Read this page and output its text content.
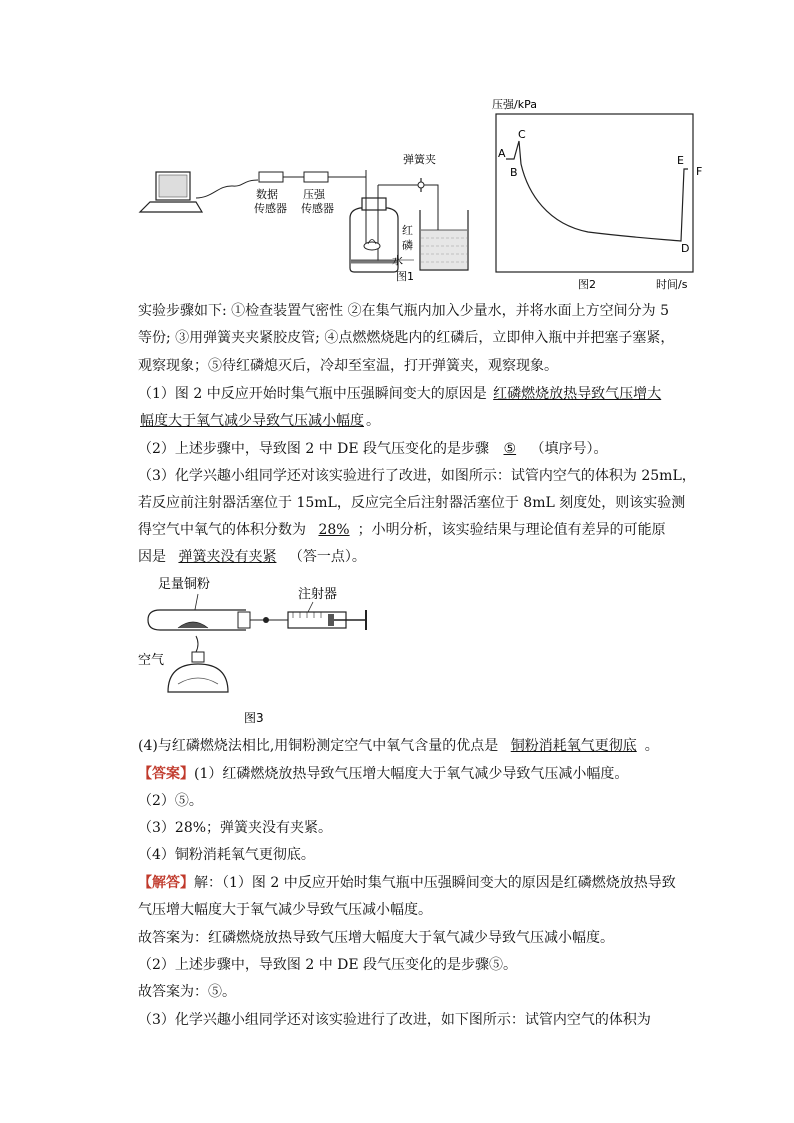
数据
传感器
压强
传感器
弹簧夹
红
磷
水
图1
压强/kPa
A
B
C
D
E
F
时间/s
图2
实验步骤如下: ①检查装置气密性 ②在集气瓶内加入少量水，并将水面上方空间分为 5
等份; ③用弹簧夹夹紧胶皮管; ④点燃燃烧匙内的红磷后，立即伸入瓶中并把塞子塞紧，
观察现象；⑤待红磷熄灭后，冷却至室温，打开弹簧夹，观察现象。
（1）图 2 中反应开始时集气瓶中压强瞬间变大的原因是 红磷燃烧放热导致气压增大
幅度大于氧气减少导致气压减小幅度 。
（2）上述步骤中，导致图 2 中 DE 段气压变化的是步骤 ⑤ （填序号）。
（3）化学兴趣小组同学还对该实验进行了改进，如图所示：试管内空气的体积为 25mL，
若反应前注射器活塞位于 15mL，反应完全后注射器活塞位于 8mL 刻度处，则该实验测
得空气中氧气的体积分数为 28% ；小明分析，该实验结果与理论值有差异的可能原
因是 弹簧夹没有夹紧 （答一点）。
足量铜粉
注射器
空气
图3
(4)与红磷燃烧法相比,用铜粉测定空气中氧气含量的优点是 铜粉消耗氧气更彻底 。
【答案】(1）红磷燃烧放热导致气压增大幅度大于氧气减少导致气压减小幅度。
（2）⑤。
（3）28%；弹簧夹没有夹紧。
（4）铜粉消耗氧气更彻底。
【解答】解：（1）图 2 中反应开始时集气瓶中压强瞬间变大的原因是红磷燃烧放热导致
气压增大幅度大于氧气减少导致气压减小幅度。
故答案为：红磷燃烧放热导致气压增大幅度大于氧气减少导致气压减小幅度。
（2）上述步骤中，导致图 2 中 DE 段气压变化的是步骤⑤。
故答案为：⑤。
（3）化学兴趣小组同学还对该实验进行了改进，如下图所示：试管内空气的体积为
